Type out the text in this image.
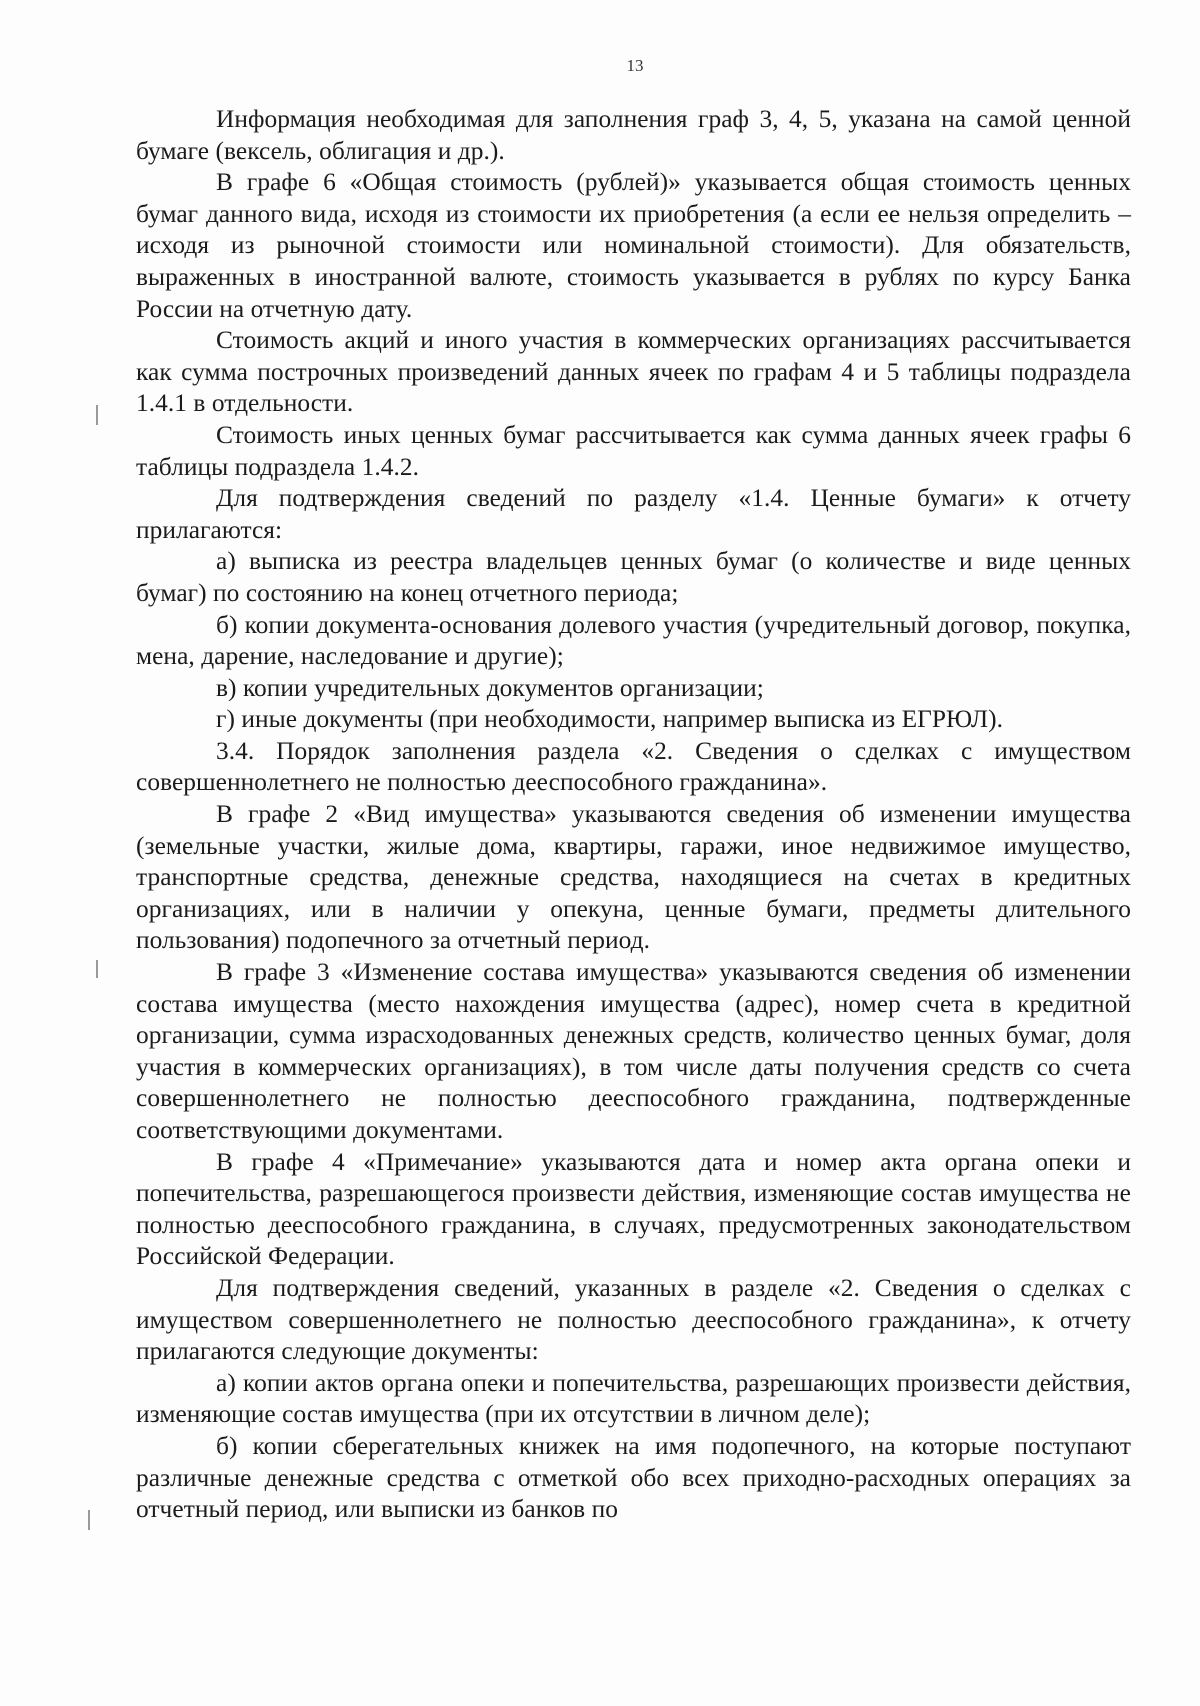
13

Информация необходимая для заполнения граф 3, 4, 5, указана на самой ценной бумаге (вексель, облигация и др.).

В графе 6 «Общая стоимость (рублей)» указывается общая стоимость ценных бумаг данного вида, исходя из стоимости их приобретения (а если ее нельзя определить – исходя из рыночной стоимости или номинальной стоимости). Для обязательств, выраженных в иностранной валюте, стоимость указывается в рублях по курсу Банка России на отчетную дату.

Стоимость акций и иного участия в коммерческих организациях рассчитывается как сумма построчных произведений данных ячеек по графам 4 и 5 таблицы подраздела 1.4.1 в отдельности.

Стоимость иных ценных бумаг рассчитывается как сумма данных ячеек графы 6 таблицы подраздела 1.4.2.

Для подтверждения сведений по разделу «1.4. Ценные бумаги» к отчету прилагаются:

а) выписка из реестра владельцев ценных бумаг (о количестве и виде ценных бумаг) по состоянию на конец отчетного периода;

б) копии документа-основания долевого участия (учредительный договор, покупка, мена, дарение, наследование и другие);

в) копии учредительных документов организации;

г) иные документы (при необходимости, например выписка из ЕГРЮЛ).

3.4. Порядок заполнения раздела «2. Сведения о сделках с имуществом совершеннолетнего не полностью дееспособного гражданина».

В графе 2 «Вид имущества» указываются сведения об изменении имущества (земельные участки, жилые дома, квартиры, гаражи, иное недвижимое имущество, транспортные средства, денежные средства, находящиеся на счетах в кредитных организациях, или в наличии у опекуна, ценные бумаги, предметы длительного пользования) подопечного за отчетный период.

В графе 3 «Изменение состава имущества» указываются сведения об изменении состава имущества (место нахождения имущества (адрес), номер счета в кредитной организации, сумма израсходованных денежных средств, количество ценных бумаг, доля участия в коммерческих организациях), в том числе даты получения средств со счета совершеннолетнего не полностью дееспособного гражданина, подтвержденные соответствующими документами.

В графе 4 «Примечание» указываются дата и номер акта органа опеки и попечительства, разрешающегося произвести действия, изменяющие состав имущества не полностью дееспособного гражданина, в случаях, предусмотренных законодательством Российской Федерации.

Для подтверждения сведений, указанных в разделе «2. Сведения о сделках с имуществом совершеннолетнего не полностью дееспособного гражданина», к отчету прилагаются следующие документы:

а) копии актов органа опеки и попечительства, разрешающих произвести действия, изменяющие состав имущества (при их отсутствии в личном деле);

б) копии сберегательных книжек на имя подопечного, на которые поступают различные денежные средства с отметкой обо всех приходно-расходных операциях за отчетный период, или выписки из банков по
